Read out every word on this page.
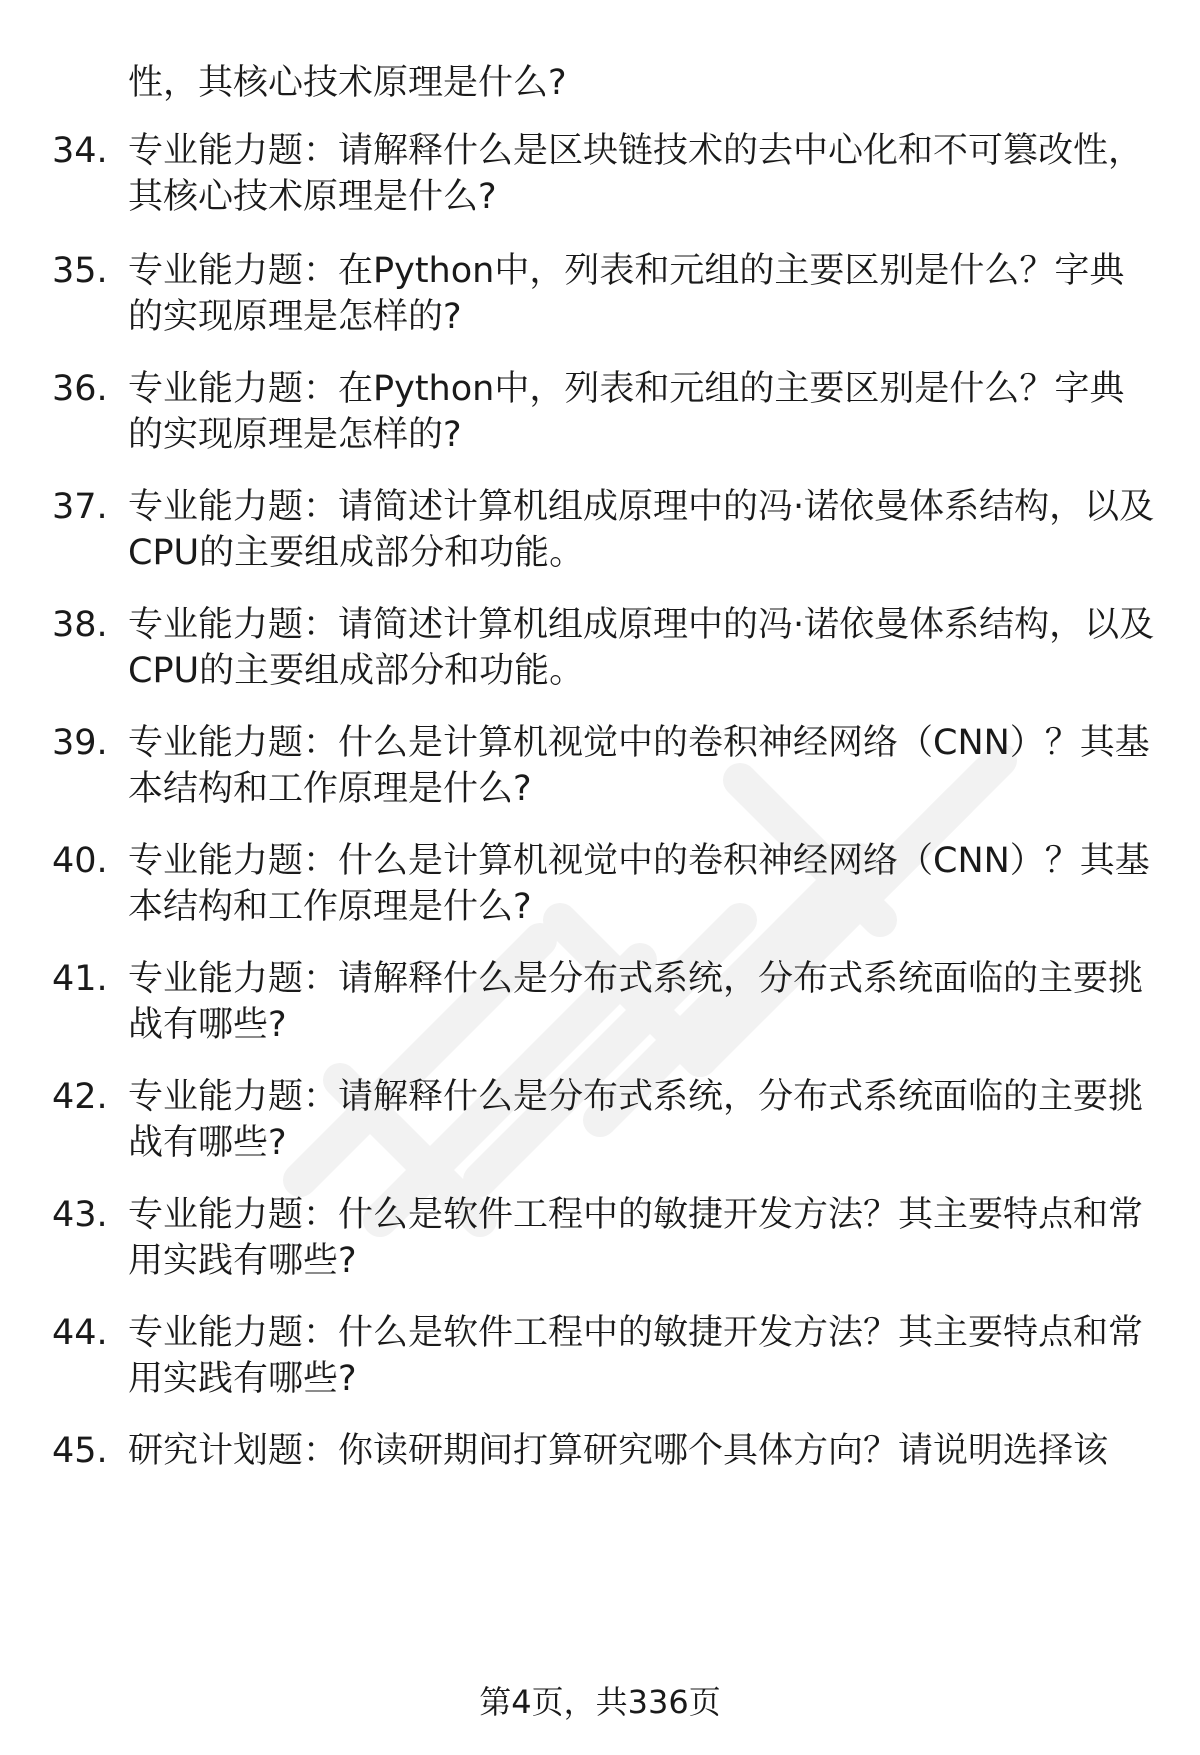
性，其核心技术原理是什么?
34. 专业能力题：请解释什么是区块链技术的去中心化和不可篡改性，其核心技术原理是什么?
35. 专业能力题：在Python中，列表和元组的主要区别是什么？字典的实现原理是怎样的?
36. 专业能力题：在Python中，列表和元组的主要区别是什么？字典的实现原理是怎样的?
37. 专业能力题：请简述计算机组成原理中的冯·诺依曼体系结构，以及CPU的主要组成部分和功能。
38. 专业能力题：请简述计算机组成原理中的冯·诺依曼体系结构，以及CPU的主要组成部分和功能。
39. 专业能力题：什么是计算机视觉中的卷积神经网络（CNN）？其基本结构和工作原理是什么?
40. 专业能力题：什么是计算机视觉中的卷积神经网络（CNN）？其基本结构和工作原理是什么?
41. 专业能力题：请解释什么是分布式系统，分布式系统面临的主要挑战有哪些?
42. 专业能力题：请解释什么是分布式系统，分布式系统面临的主要挑战有哪些?
43. 专业能力题：什么是软件工程中的敏捷开发方法？其主要特点和常用实践有哪些?
44. 专业能力题：什么是软件工程中的敏捷开发方法？其主要特点和常用实践有哪些?
45. 研究计划题：你读研期间打算研究哪个具体方向？请说明选择该
第4页，共336页
